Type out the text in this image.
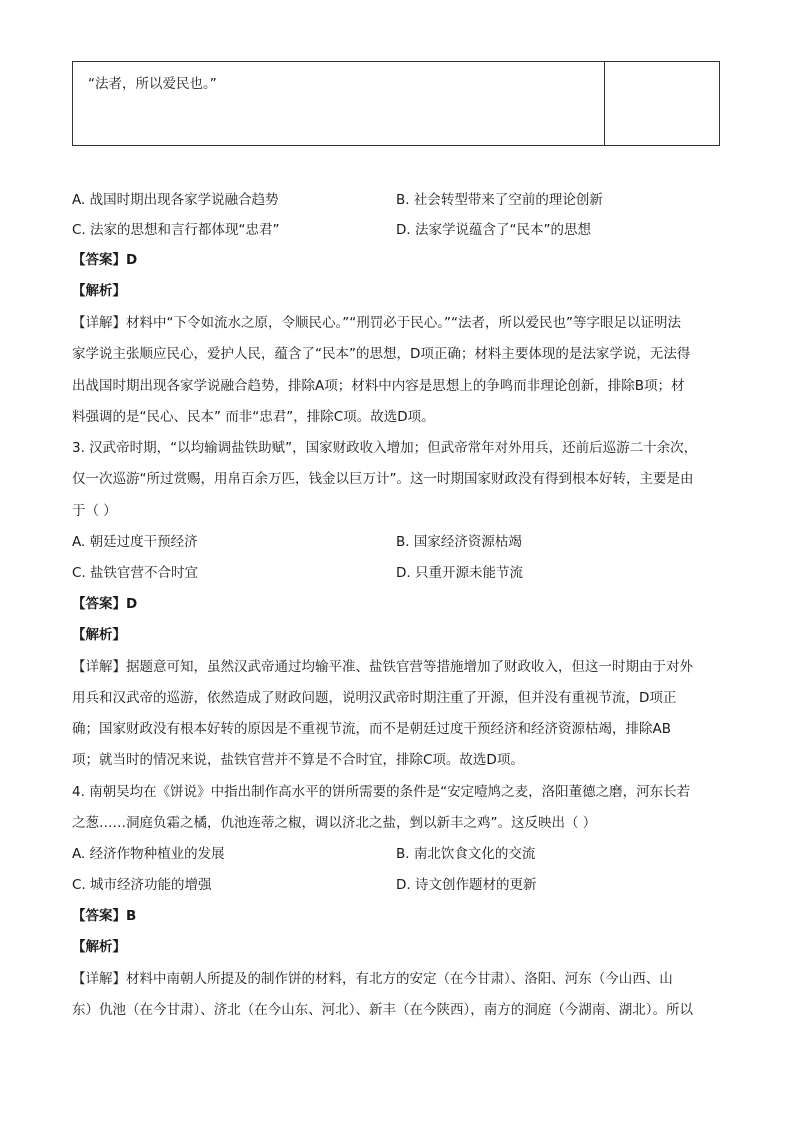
“法者，所以爱民也。”
A. 战国时期出现各家学说融合趋势	B. 社会转型带来了空前的理论创新
C. 法家的思想和言行都体现“忠君”	D. 法家学说蕴含了“民本”的思想
【答案】D
【解析】
【详解】材料中“下令如流水之原，令顺民心。”“刑罚必于民心。”“法者，所以爱民也”等字眼足以证明法
家学说主张顺应民心，爱护人民，蕴含了“民本”的思想，D项正确；材料主要体现的是法家学说，无法得
出战国时期出现各家学说融合趋势，排除A项；材料中内容是思想上的争鸣而非理论创新，排除B项；材
料强调的是“民心、民本” 而非“忠君”，排除C项。故选D项。
3. 汉武帝时期，“以均输调盐铁助赋”，国家财政收入增加；但武帝常年对外用兵，还前后巡游二十余次，
仅一次巡游“所过赏赐，用帛百余万匹，钱金以巨万计”。这一时期国家财政没有得到根本好转，主要是由
于（ ）
A. 朝廷过度干预经济	B. 国家经济资源枯竭
C. 盐铁官营不合时宜	D. 只重开源未能节流
【答案】D
【解析】
【详解】据题意可知，虽然汉武帝通过均输平准、盐铁官营等措施增加了财政收入，但这一时期由于对外
用兵和汉武帝的巡游，依然造成了财政问题，说明汉武帝时期注重了开源，但并没有重视节流，D项正
确；国家财政没有根本好转的原因是不重视节流，而不是朝廷过度干预经济和经济资源枯竭，排除AB
项；就当时的情况来说，盐铁官营并不算是不合时宜，排除C项。故选D项。
4. 南朝吴均在《饼说》中指出制作高水平的饼所需要的条件是“安定噎鸠之麦，洛阳董德之磨，河东长若
之葱……洞庭负霜之橘，仇池连蒂之椒，调以济北之盐，剉以新丰之鸡”。这反映出（ ）
A. 经济作物种植业的发展	B. 南北饮食文化的交流
C. 城市经济功能的增强	D. 诗文创作题材的更新
【答案】B
【解析】
【详解】材料中南朝人所提及的制作饼的材料，有北方的安定（在今甘肃）、洛阳、河东（今山西、山
东）仇池（在今甘肃）、济北（在今山东、河北）、新丰（在今陕西），南方的洞庭（今湖南、湖北）。所以
